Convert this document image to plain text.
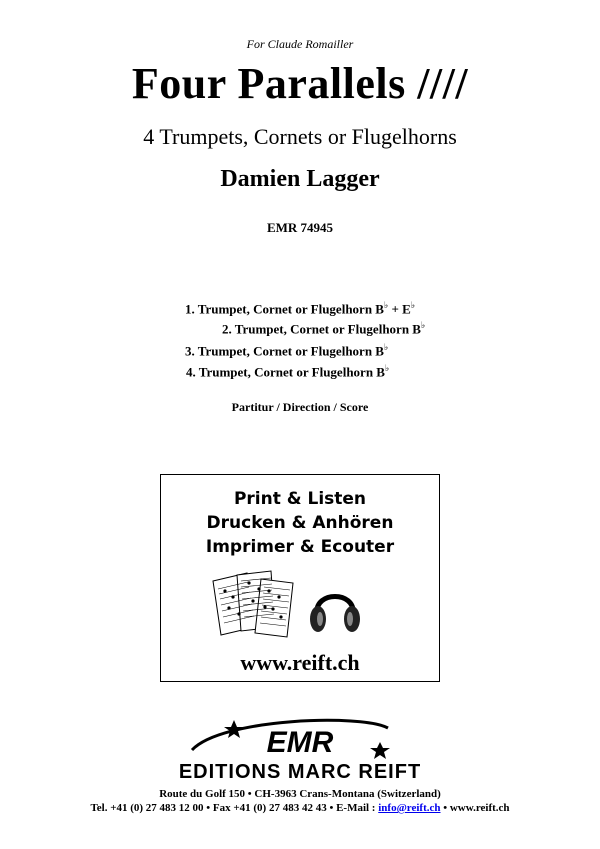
For Claude Romailler
Four Parallels ////
4 Trumpets, Cornets or Flugelhorns
Damien Lagger
EMR 74945
1. Trumpet, Cornet or Flugelhorn B♭ + E♭
2. Trumpet, Cornet or Flugelhorn B♭
3. Trumpet, Cornet or Flugelhorn B♭
4. Trumpet, Cornet or Flugelhorn B♭
Partitur / Direction / Score
Print & Listen
Drucken & Anhören
Imprimer & Ecouter
www.reift.ch
EMR
EDITIONS MARC REIFT
Route du Golf 150 • CH-3963 Crans-Montana (Switzerland)
Tel. +41 (0) 27 483 12 00 • Fax +41 (0) 27 483 42 43 • E-Mail : info@reift.ch • www.reift.ch
